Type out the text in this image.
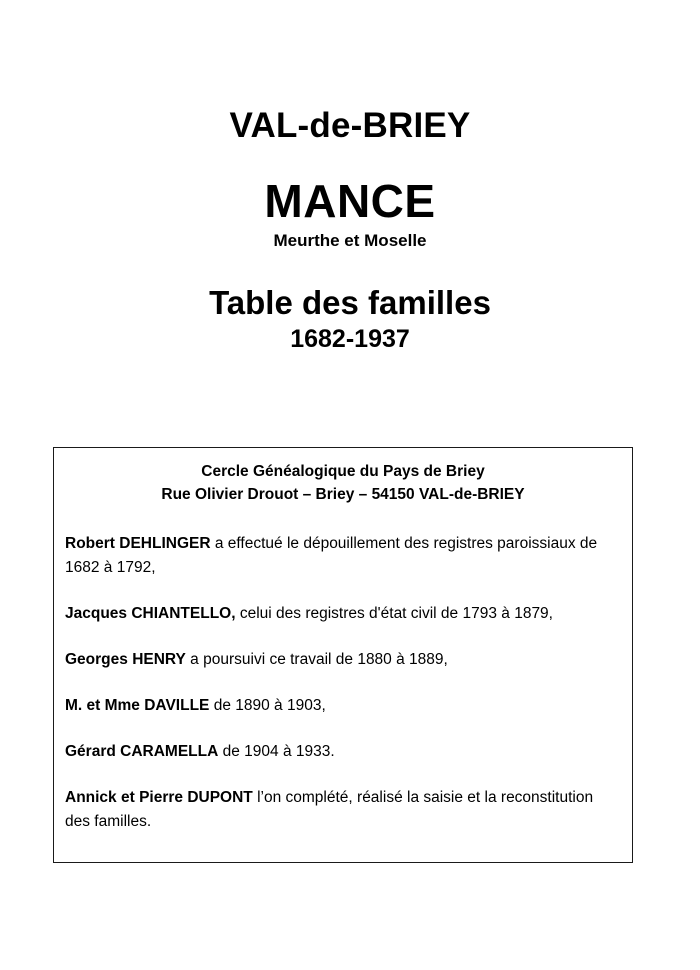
VAL-de-BRIEY
MANCE
Meurthe et Moselle
Table des familles
1682-1937
Cercle Généalogique du Pays de Briey
Rue Olivier Drouot – Briey – 54150 VAL-de-BRIEY

Robert DEHLINGER a effectué le dépouillement des registres paroissiaux de 1682 à 1792,

Jacques CHIANTELLO, celui des registres d'état civil de 1793 à 1879,

Georges HENRY a poursuivi ce travail de 1880 à 1889,

M. et Mme DAVILLE de 1890 à 1903,

Gérard CARAMELLA de 1904 à 1933.

Annick et Pierre DUPONT l’on complété, réalisé la saisie et la reconstitution des familles.
